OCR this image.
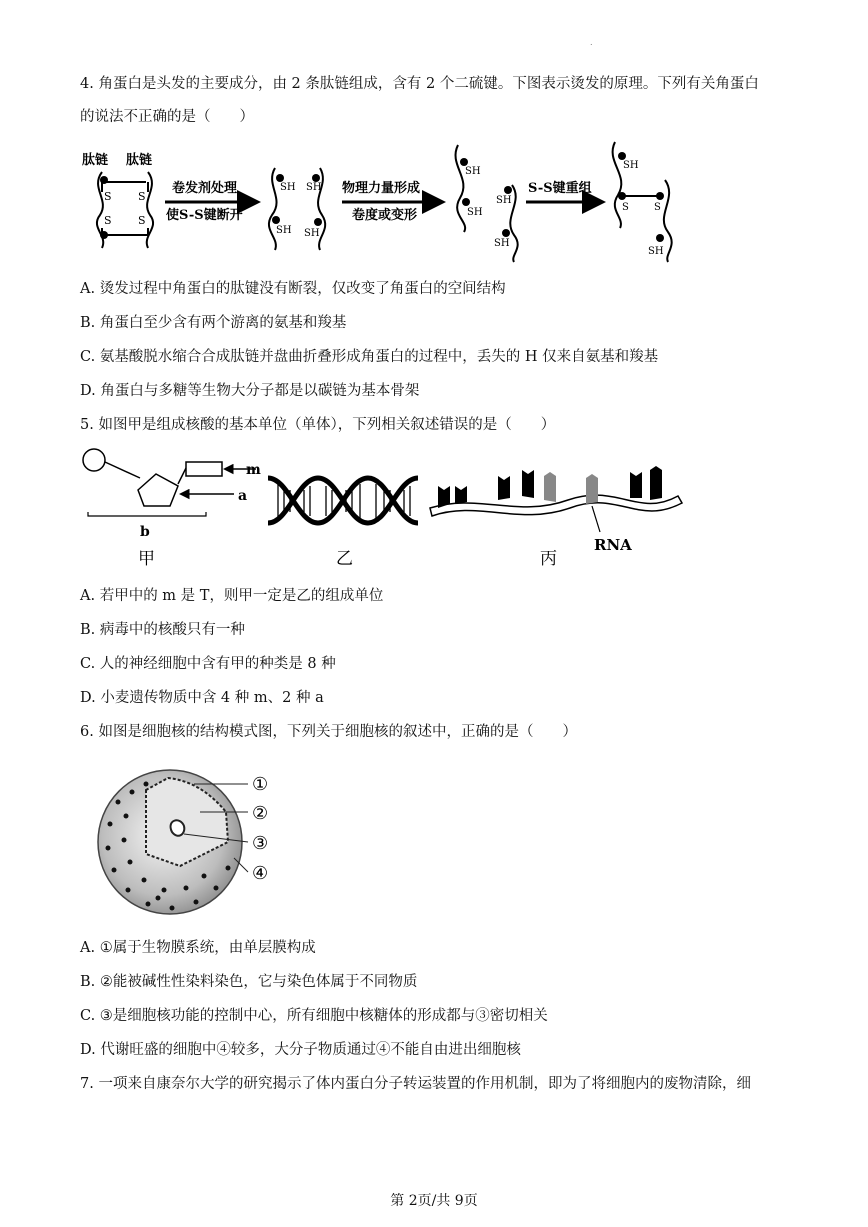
.
4. 角蛋白是头发的主要成分，由 2 条肽链组成，含有 2 个二硫键。下图表示烫发的原理。下列有关角蛋白
的说法不正确的是（　　）
肽链 肽链
S S
S S
卷发剂处理
使S-S键断开
SH
SH
SH
SH
物理力量形成
卷度或变形
SH
SH
SH
SH
S-S键重组
SH
S	S
SH
A. 烫发过程中角蛋白的肽键没有断裂，仅改变了角蛋白的空间结构
B. 角蛋白至少含有两个游离的氨基和羧基
C. 氨基酸脱水缩合合成肽链并盘曲折叠形成角蛋白的过程中，丢失的 H 仅来自氨基和羧基
D. 角蛋白与多糖等生物大分子都是以碳链为基本骨架
5. 如图甲是组成核酸的基本单位（单体），下列相关叙述错误的是（　　）
m
a
b
甲	乙
RNA
丙
A. 若甲中的 m 是 T，则甲一定是乙的组成单位
B. 病毒中的核酸只有一种
C. 人的神经细胞中含有甲的种类是 8 种
D. 小麦遗传物质中含 4 种 m、2 种 a
6. 如图是细胞核的结构模式图，下列关于细胞核的叙述中，正确的是（　　）
①
②
③
④
A. ①属于生物膜系统，由单层膜构成
B. ②能被碱性性染料染色，它与染色体属于不同物质
C. ③是细胞核功能的控制中心，所有细胞中核糖体的形成都与③密切相关
D. 代谢旺盛的细胞中④较多，大分子物质通过④不能自由进出细胞核
7. 一项来自康奈尔大学的研究揭示了体内蛋白分子转运装置的作用机制，即为了将细胞内的废物清除，细
第 2页/共 9页
